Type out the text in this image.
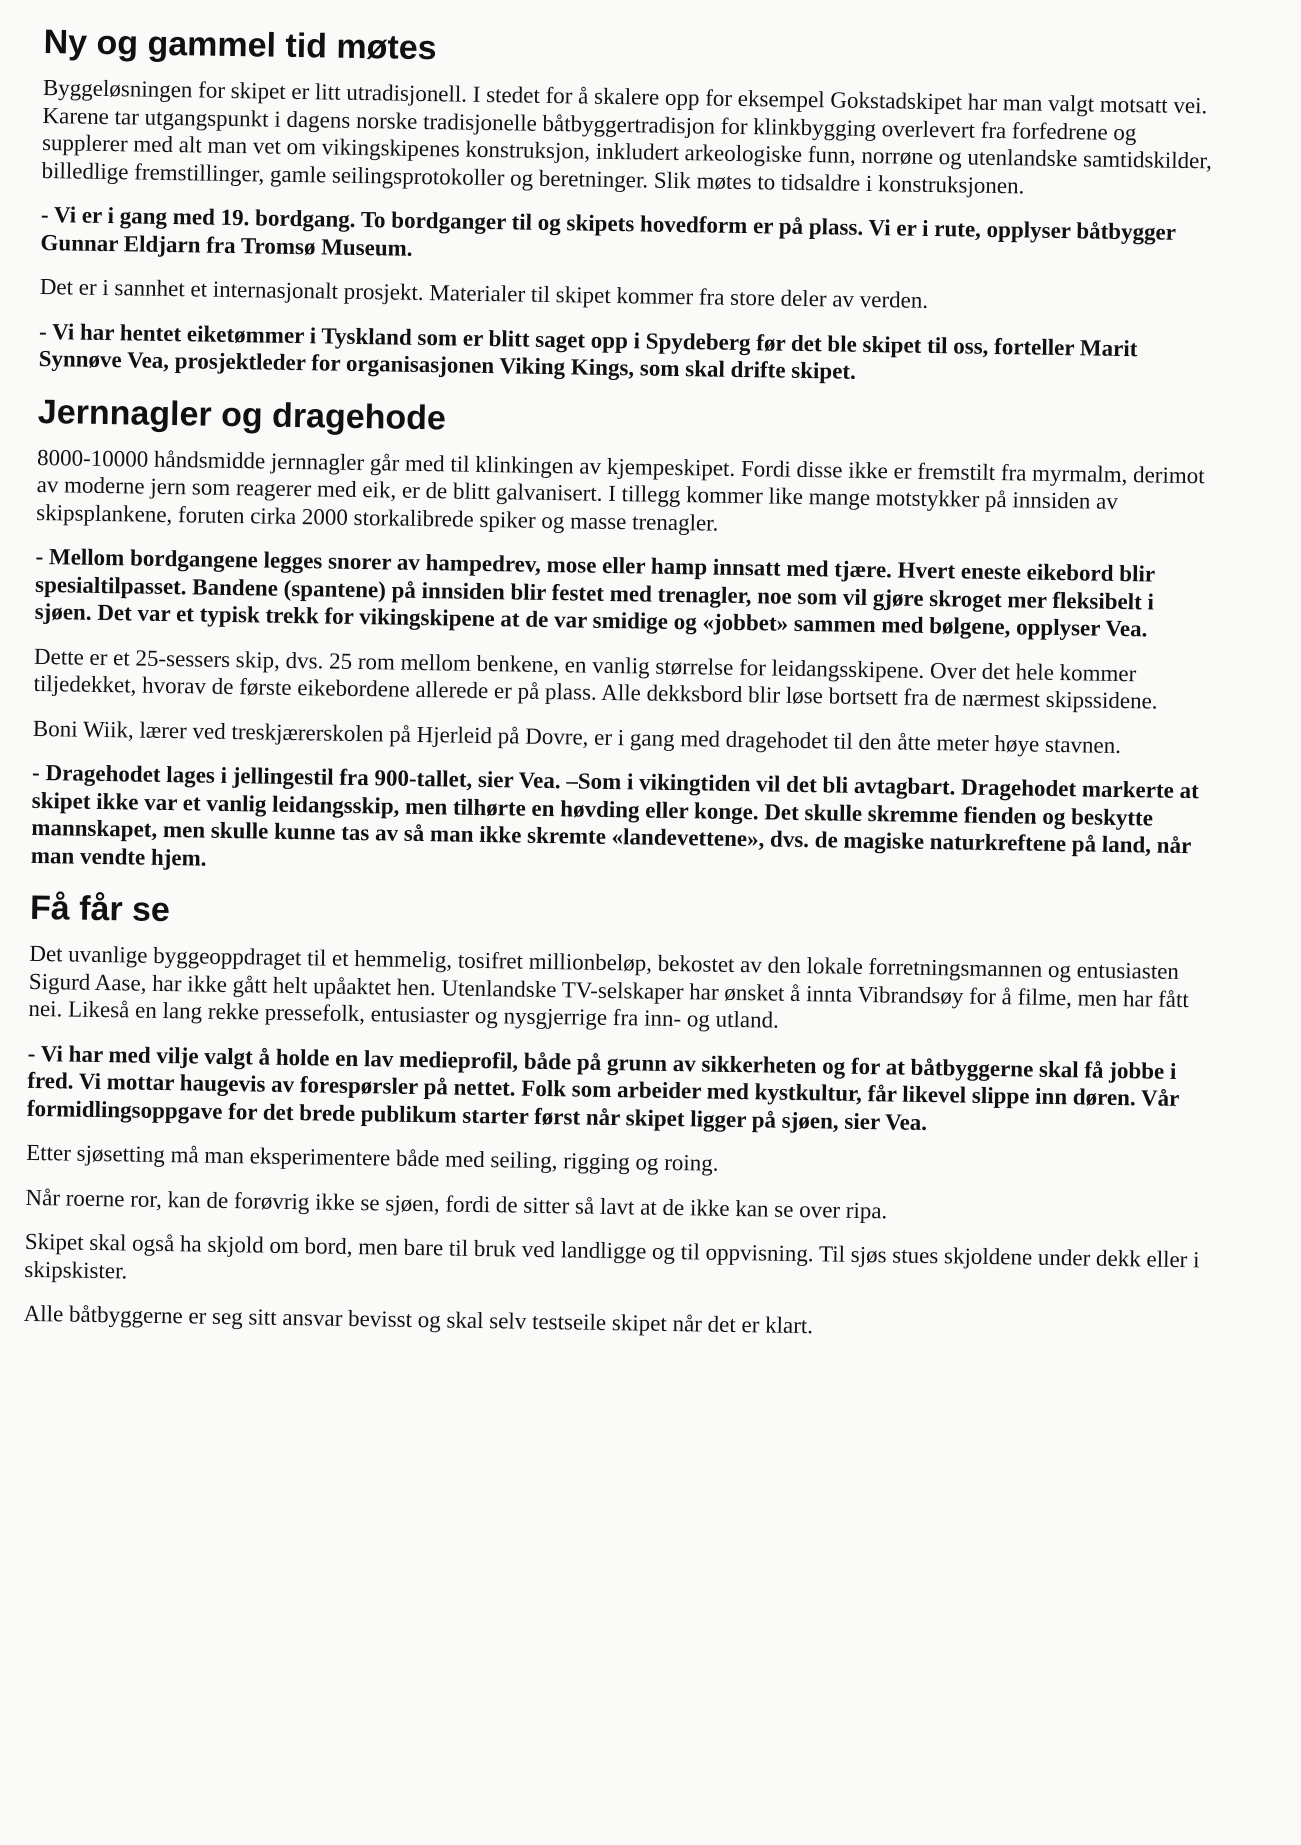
Ny og gammel tid møtes

Byggeløsningen for skipet er litt utradisjonell. I stedet for å skalere opp for eksempel Gokstadskipet har man valgt motsatt vei. Karene tar utgangspunkt i dagens norske tradisjonelle båtbyggertradisjon for klinkbygging overlevert fra forfedrene og supplerer med alt man vet om vikingskipenes konstruksjon, inkludert arkeologiske funn, norrøne og utenlandske samtidskilder, billedlige fremstillinger, gamle seilingsprotokoller og beretninger. Slik møtes to tidsaldre i konstruksjonen.

- Vi er i gang med 19. bordgang. To bordganger til og skipets hovedform er på plass. Vi er i rute, opplyser båtbygger Gunnar Eldjarn fra Tromsø Museum.

Det er i sannhet et internasjonalt prosjekt. Materialer til skipet kommer fra store deler av verden.

- Vi har hentet eiketømmer i Tyskland som er blitt saget opp i Spydeberg før det ble skipet til oss, forteller Marit Synnøve Vea, prosjektleder for organisasjonen Viking Kings, som skal drifte skipet.

Jernnagler og dragehode

8000-10000 håndsmidde jernnagler går med til klinkingen av kjempeskipet. Fordi disse ikke er fremstilt fra myrmalm, derimot av moderne jern som reagerer med eik, er de blitt galvanisert. I tillegg kommer like mange motstykker på innsiden av skipsplankene, foruten cirka 2000 storkalibrede spiker og masse trenagler.

- Mellom bordgangene legges snorer av hampedrev, mose eller hamp innsatt med tjære. Hvert eneste eikebord blir spesialtilpasset. Bandene (spantene) på innsiden blir festet med trenagler, noe som vil gjøre skroget mer fleksibelt i sjøen. Det var et typisk trekk for vikingskipene at de var smidige og «jobbet» sammen med bølgene, opplyser Vea.

Dette er et 25-sessers skip, dvs. 25 rom mellom benkene, en vanlig størrelse for leidangsskipene. Over det hele kommer tiljedekket, hvorav de første eikebordene allerede er på plass. Alle dekksbord blir løse bortsett fra de nærmest skipssidene.

Boni Wiik, lærer ved treskjærerskolen på Hjerleid på Dovre, er i gang med dragehodet til den åtte meter høye stavnen.

- Dragehodet lages i jellingestil fra 900-tallet, sier Vea. –Som i vikingtiden vil det bli avtagbart. Dragehodet markerte at skipet ikke var et vanlig leidangsskip, men tilhørte en høvding eller konge. Det skulle skremme fienden og beskytte mannskapet, men skulle kunne tas av så man ikke skremte «landevettene», dvs. de magiske naturkreftene på land, når man vendte hjem.

Få får se

Det uvanlige byggeoppdraget til et hemmelig, tosifret millionbeløp, bekostet av den lokale forretningsmannen og entusiasten Sigurd Aase, har ikke gått helt upåaktet hen. Utenlandske TV-selskaper har ønsket å innta Vibrandsøy for å filme, men har fått nei. Likeså en lang rekke pressefolk, entusiaster og nysgjerrige fra inn- og utland.

- Vi har med vilje valgt å holde en lav medieprofil, både på grunn av sikkerheten og for at båtbyggerne skal få jobbe i fred. Vi mottar haugevis av forespørsler på nettet. Folk som arbeider med kystkultur, får likevel slippe inn døren. Vår formidlingsoppgave for det brede publikum starter først når skipet ligger på sjøen, sier Vea.

Etter sjøsetting må man eksperimentere både med seiling, rigging og roing.

Når roerne ror, kan de forøvrig ikke se sjøen, fordi de sitter så lavt at de ikke kan se over ripa.

Skipet skal også ha skjold om bord, men bare til bruk ved landligge og til oppvisning. Til sjøs stues skjoldene under dekk eller i skipskister.

Alle båtbyggerne er seg sitt ansvar bevisst og skal selv testseile skipet når det er klart.
